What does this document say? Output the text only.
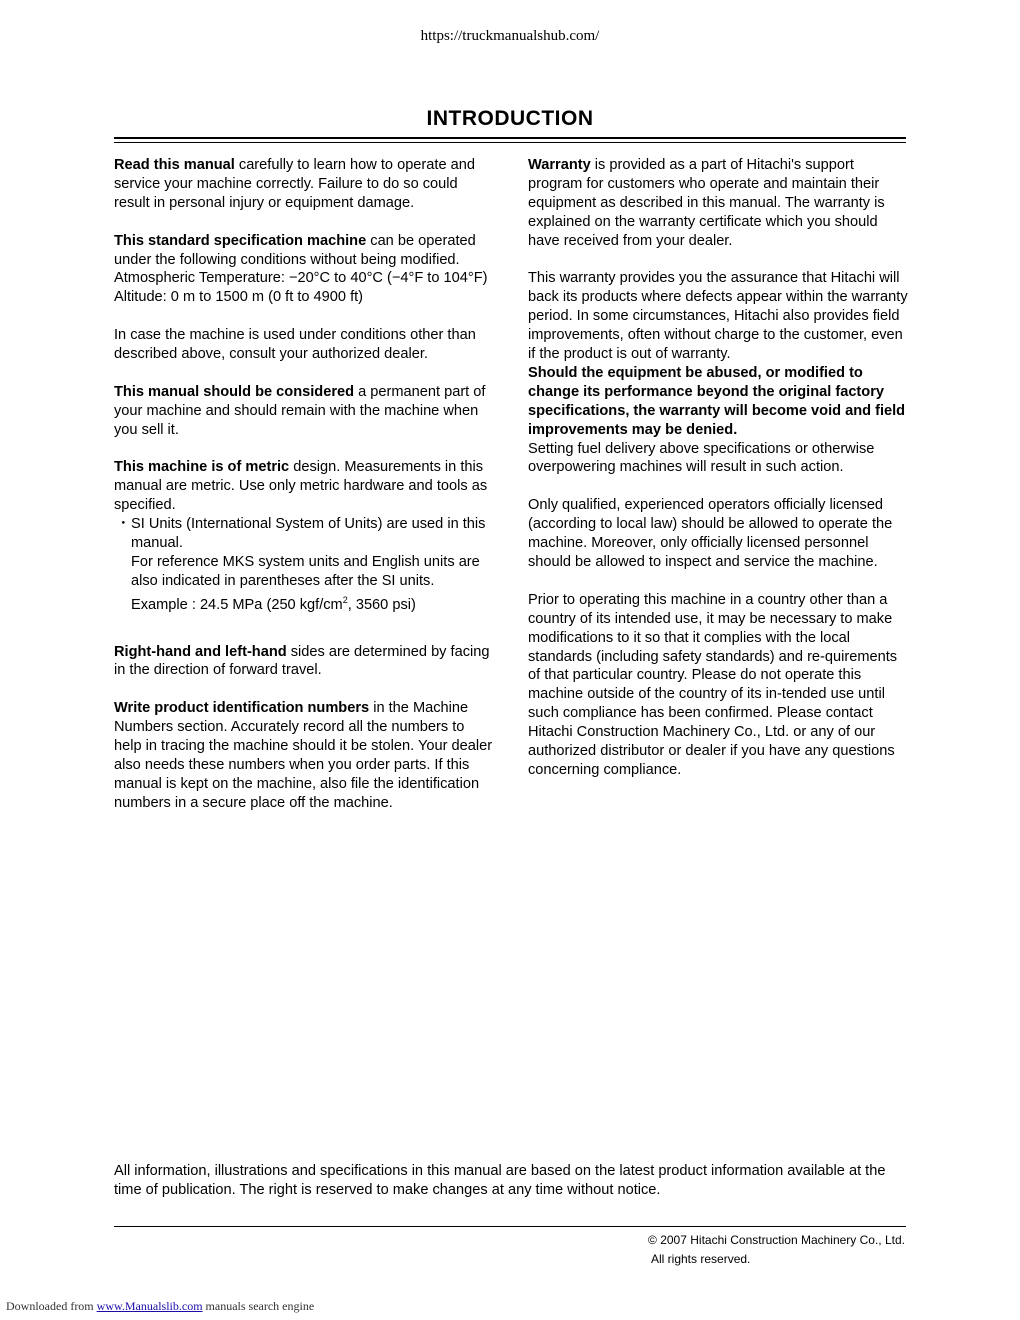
https://truckmanualshub.com/
INTRODUCTION

Read this manual carefully to learn how to operate and service your machine correctly. Failure to do so could result in personal injury or equipment damage.

This standard specification machine can be operated under the following conditions without being modified.
Atmospheric Temperature: −20°C to 40°C (−4°F to 104°F)
Altitude: 0 m to 1500 m (0 ft to 4900 ft)

In case the machine is used under conditions other than described above, consult your authorized dealer.

This manual should be considered a permanent part of your machine and should remain with the machine when you sell it.

This machine is of metric design. Measurements in this manual are metric. Use only metric hardware and tools as specified.

・ SI Units (International System of Units) are used in this manual.
For reference MKS system units and English units are also indicated in parentheses after the SI units.
Example : 24.5 MPa (250 kgf/$cm^2$, 3560 psi)

Right-hand and left-hand sides are determined by facing in the direction of forward travel.

Write product identification numbers in the Machine Numbers section. Accurately record all the numbers to help in tracing the machine should it be stolen. Your dealer also needs these numbers when you order parts. If this manual is kept on the machine, also file the identification numbers in a secure place off the machine.

Warranty is provided as a part of Hitachi's support program for customers who operate and maintain their equipment as described in this manual. The warranty is explained on the warranty certificate which you should have received from your dealer.

This warranty provides you the assurance that Hitachi will back its products where defects appear within the warranty period. In some circumstances, Hitachi also provides field improvements, often without charge to the customer, even if the product is out of warranty.
Should the equipment be abused, or modified to change its performance beyond the original factory specifications, the warranty will become void and field improvements may be denied.
Setting fuel delivery above specifications or otherwise overpowering machines will result in such action.

Only qualified, experienced operators officially licensed (according to local law) should be allowed to operate the machine. Moreover, only officially licensed personnel should be allowed to inspect and service the machine.

Prior to operating this machine in a country other than a country of its intended use, it may be necessary to make modifications to it so that it complies with the local standards (including safety standards) and re-quirements of that particular country. Please do not operate this machine outside of the country of its in-tended use until such compliance has been confirmed. Please contact Hitachi Construction Machinery Co., Ltd. or any of our authorized distributor or dealer if you have any questions concerning compliance.

All information, illustrations and specifications in this manual are based on the latest product information available at the time of publication. The right is reserved to make changes at any time without notice.
© 2007 Hitachi Construction Machinery Co., Ltd.
All rights reserved.
Downloaded from www.Manualslib.com manuals search engine
